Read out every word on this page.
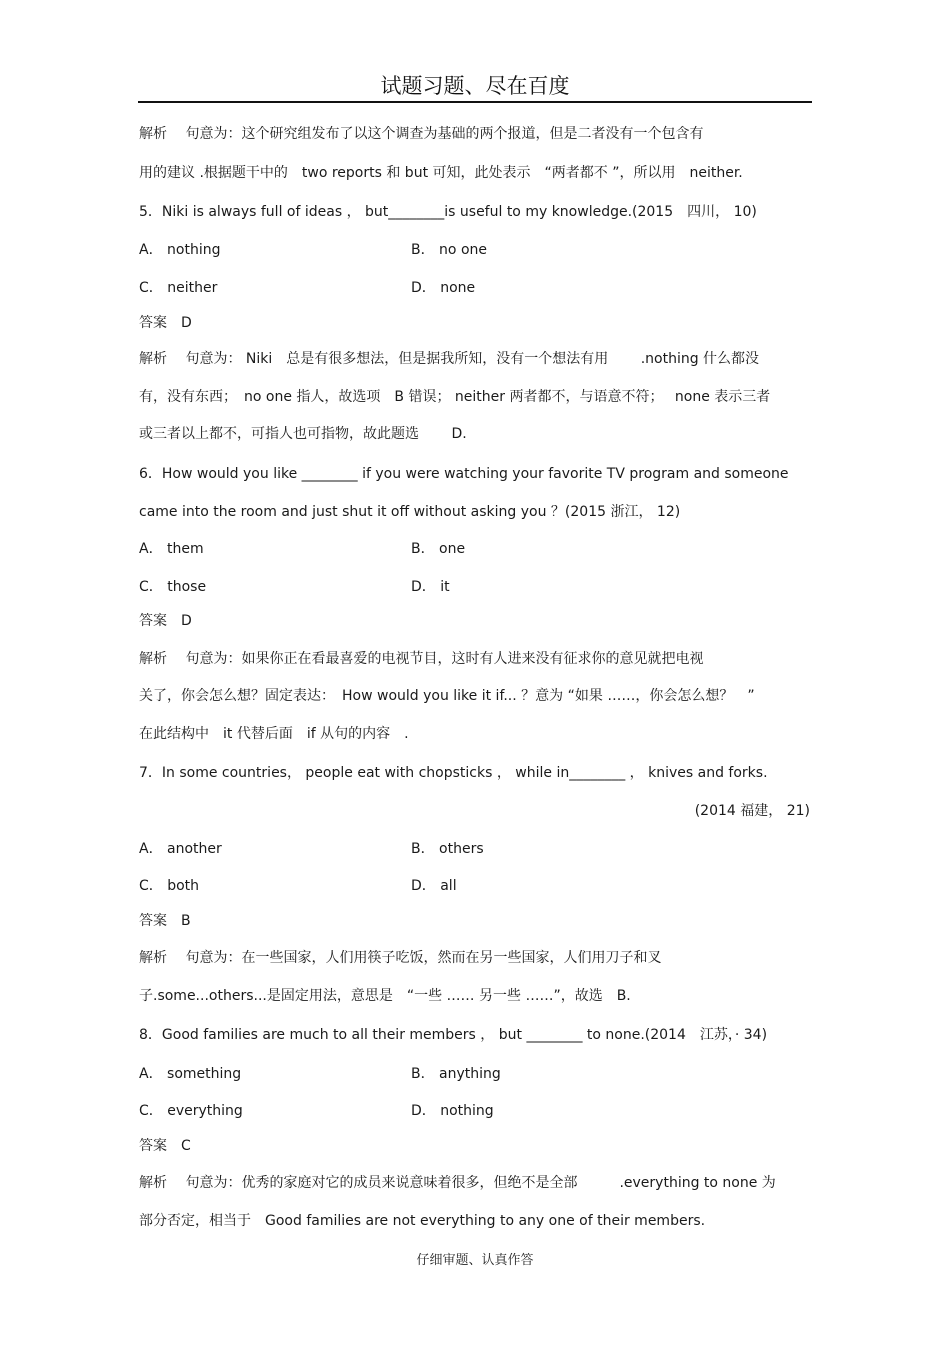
试题习题、尽在百度
解析　 句意为：这个研究组发布了以这个调查为基础的两个报道，但是二者没有一个包含有
用的建议 .根据题干中的　two reports 和 but 可知，此处表示　“两者都不 ”，所以用　neither.
5．Niki is always full of ideas ， but________is useful to my knowledge.(2015　四川， 10)
A． nothing	B． no one
C． neither	D． none
答案　D
解析　 句意为： Niki　总是有很多想法，但是据我所知，没有一个想法有用　　 .nothing 什么都没
有，没有东西；　no one 指人，故选项　B 错误； neither 两者都不，与语意不符；　 none 表示三者
或三者以上都不，可指人也可指物，故此题选　　 D.
6．How would you like ________ if you were watching your favorite TV program and someone
came into the room and just shut it off without asking you ？(2015 浙江， 12)
A． them	B． one
C． those	D． it
答案　D
解析　 句意为：如果你正在看最喜爱的电视节目，这时有人进来没有征求你的意见就把电视
关了，你会怎么想？固定表达：　How would you like it if... ？意为 “如果 ……，你会怎么想？　”
在此结构中　it 代替后面　if 从句的内容　.
7．In some countries， people eat with chopsticks ， while in________ ， knives and forks.
(2014 福建， 21)
A． another	B． others
C． both	D． all
答案　B
解析　 句意为：在一些国家，人们用筷子吃饭，然而在另一些国家，人们用刀子和叉
子.some...others...是固定用法，意思是　“一些 …… 另一些 ……”，故选　B.
8．Good families are much to all their members ， but ________ to none.(2014　江苏，· 34)
A． something	B． anything
C． everything	D． nothing
答案　C
解析　 句意为：优秀的家庭对它的成员来说意味着很多，但绝不是全部　　　.everything to none 为
部分否定，相当于　Good families are not everything to any one of their members.
仔细审题、认真作答
